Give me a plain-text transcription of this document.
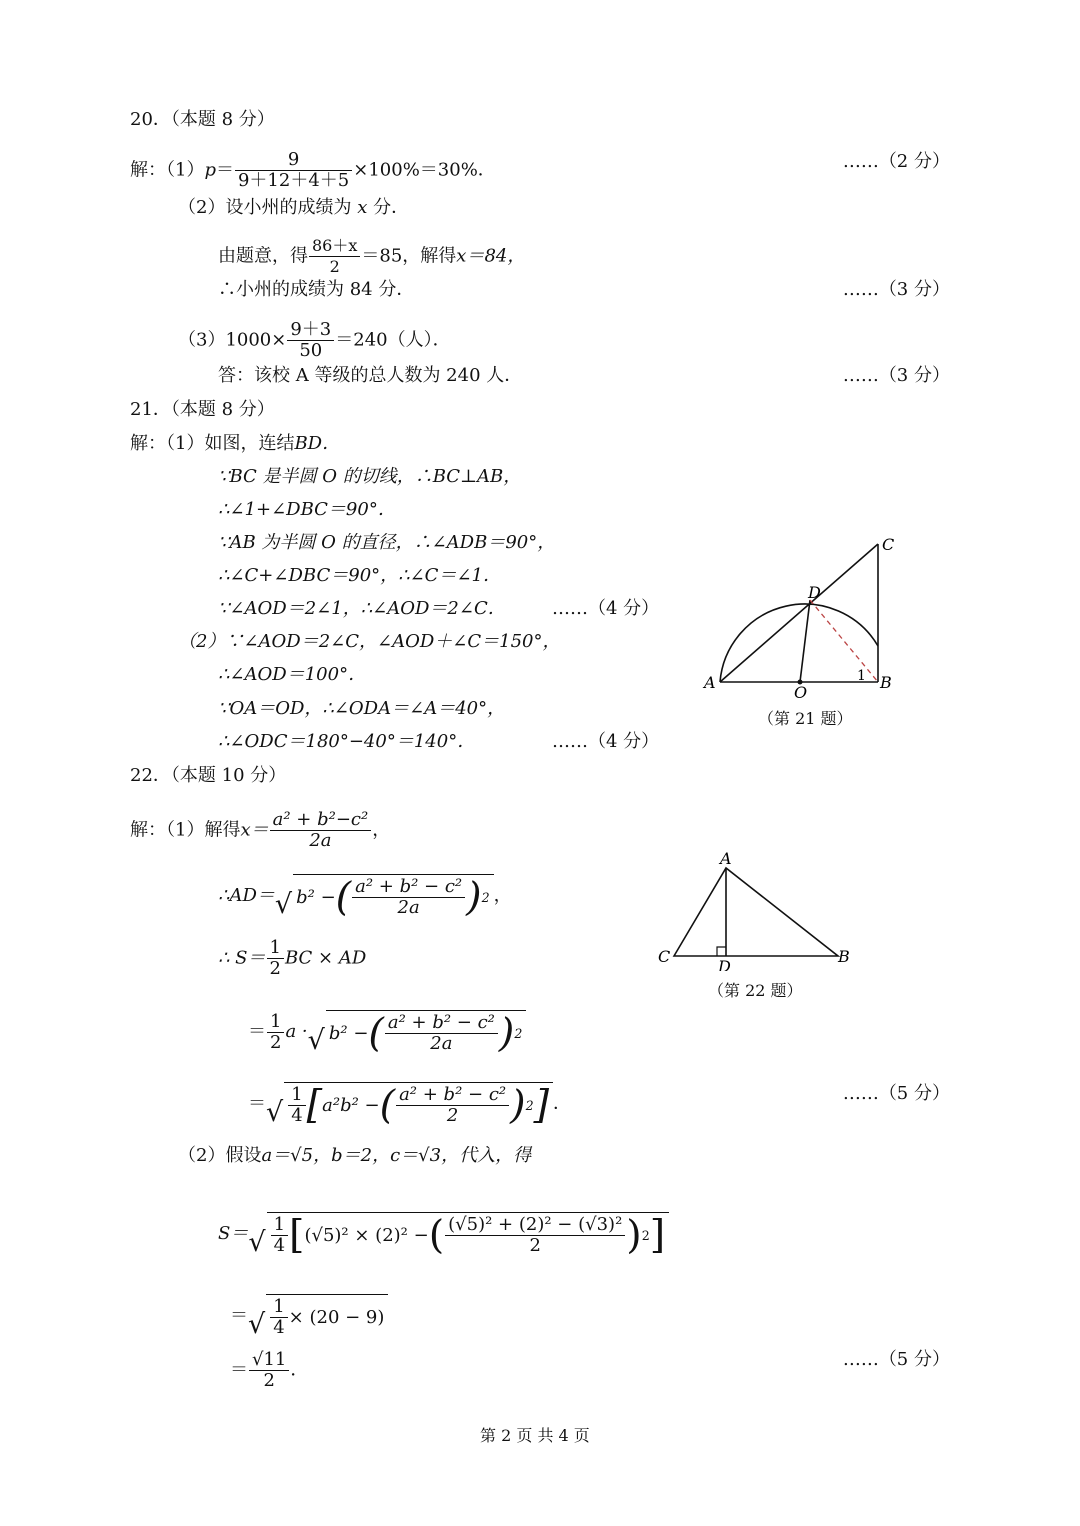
20．（本题 8 分）
解：$(1)p= \frac{9}{9+12+4+5} \times 100\%=30\%$．	……（2 分）
（2）设小州的成绩为 x 分．
由题意，得 $\frac{86+x}{2} =85$，解得x＝84，
∴小州的成绩为 84 分．	……（3 分）
$(3)1000\times \frac{9+3}{50} =240$（人）．
答：该校 A 等级的总人数为 240 人．	……（3 分）
21．（本题 8 分）
解：（1）如图，连结BD．
∵BC 是半圆 O 的切线，∴BC⊥AB，
∴∠1+∠DBC＝90°．
∵AB 为半圆 O 的直径，∴∠ADB＝90°，
∴∠C+∠DBC＝90°，∴∠C＝∠1．
∵∠AOD＝2∠1，∴∠AOD＝2∠C．	……（4 分）
（2）∵∠AOD＝2∠C，∠AOD＋∠C＝150°，
∴∠AOD＝100°．
∵OA＝OD，∴∠ODA＝∠A＝40°，
∴∠ODC＝180°−40°＝140°．	……（4 分）
A	B
C
D
O
1
（第 21 题）
22．（本题 10 分）
解：（1）解得$x= \frac{\text{a² + b²−c²}}{2a}$ ，
∴AD＝ √ b² − ( $\frac{\text{a² + b² − c²}}{2a}$ ) 2 ，
∴ $S= \frac{1}{2}$ BC × AD
＝ $\frac{1}{2}$ a · √ b² − ( $\frac{\text{a² + b² − c²}}{2a}$ ) 2
＝ √ $\frac{1}{4}$ [ a²b² − ( $\frac{\text{a² + b² − c²}}{2}$ ) 2 ] ．	……（5 分）
（2）假设a＝√5，b＝2，c＝√3，代入，得
S＝ √ $\frac{1}{4}$ [ (√5)² × (2)² − ( $\frac{\text{(√5)² + (2)² − (√3)²}}{2}$ ) 2 ]
＝ √ $\frac{1}{4} \times (20 - 9)$
＝ $\frac{√11}{2}$ ．	……（5 分）
A
B
C
D
（第 22 题）
第 2 页 共 4 页
